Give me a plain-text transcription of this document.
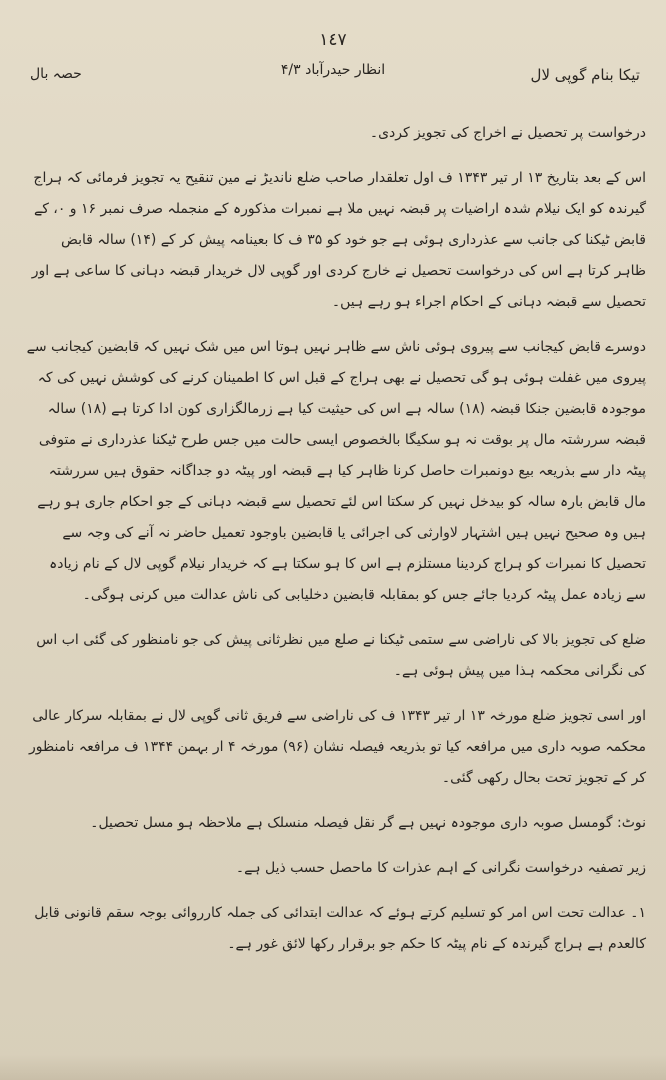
١٤٧
حصہ بال	۴/۳ انظار حیدرآباد	تیکا بنام گوپی لال

درخواست پر تحصیل نے اخراج کی تجویز کردی۔

اس کے بعد بتاریخ ۱۳ ار تیر ۱۳۴۳ ف اول تعلقدار صاحب ضلع ناندیڑ نے مین تنقیح یہ تجویز فرمائی کہ ہراج گیرندہ کو ایک نیلام شدہ اراضیات پر قبضہ نہیں ملا ہے نمبرات مذکورہ کے منجملہ صرف نمبر ۱۶ و ۰، کے قابض ٹیکنا کی جانب سے عذرداری ہوئی ہے جو خود کو ۳۵ ف کا بعینامہ پیش کر کے (۱۴) سالہ قابض ظاہر کرتا ہے اس کی درخواست تحصیل نے خارج کردی اور گوپی لال خریدار قبضہ دہانی کا ساعی ہے اور تحصیل سے قبضہ دہانی کے احکام اجراء ہو رہے ہیں۔

دوسرے قابض کیجانب سے پیروی ہوئی ناش سے ظاہر نہیں ہوتا اس میں شک نہیں کہ قابضین کیجانب سے پیروی میں غفلت ہوئی ہو گی تحصیل نے بھی ہراج کے قبل اس کا اطمینان کرنے کی کوشش نہیں کی کہ موجودہ قابضین جنکا قبضہ (۱۸) سالہ ہے اس کی حیثیت کیا ہے زرمالگزاری کون ادا کرتا ہے (۱۸) سالہ قبضہ سررشتہ مال پر بوقت نہ ہو سکیگا بالخصوص ایسی حالت میں جس طرح ٹیکنا عذرداری نے متوفی پیٹہ دار سے بذریعہ بیع دونمبرات حاصل کرنا ظاہر کیا ہے قبضہ اور پیٹہ دو جداگانہ حقوق ہیں سررشتہ مال قابض بارہ سالہ کو بیدخل نہیں کر سکتا اس لئے تحصیل سے قبضہ دہانی کے جو احکام جاری ہو رہے ہیں وہ صحیح نہیں ہیں اشتہار لاوارثی کی اجرائی یا قابضین باوجود تعمیل حاضر نہ آنے کی وجہ سے تحصیل کا نمبرات کو ہراج کردینا مستلزم ہے اس کا ہو سکتا ہے کہ خریدار نیلام گوپی لال کے نام زیادہ سے زیادہ عمل پیٹہ کردیا جائے جس کو بمقابلہ قابضین دخلیابی کی ناش عدالت میں کرنی ہوگی۔

ضلع کی تجویز بالا کی ناراضی سے ستمی ٹیکنا نے صلع میں نظرثانی پیش کی جو نامنظور کی گئی اب اس کی نگرانی محکمہ ہذا میں پیش ہوئی ہے۔

اور اسی تجویز ضلع مورخہ ۱۳ ار تیر ۱۳۴۳ ف کی ناراضی سے فریق ثانی گوپی لال نے بمقابلہ سرکار عالی محکمہ صوبہ داری میں مرافعہ کیا تو بذریعہ فیصلہ نشان (۹۶) مورخہ ۴ ار بہمن ۱۳۴۴ ف مرافعہ نامنظور کر کے تجویز تحت بحال رکھی گئی۔

نوٹ: گومسل صوبہ داری موجودہ نہیں ہے گر نقل فیصلہ منسلک ہے ملاحظہ ہو مسل تحصیل۔

زیر تصفیہ درخواست نگرانی کے اہم عذرات کا ماحصل حسب ذیل ہے۔

۱۔ عدالت تحت اس امر کو تسلیم کرتے ہوئے کہ عدالت ابتدائی کی جملہ کارروائی بوجہ سقم قانونی قابل کالعدم ہے ہراج گیرندہ کے نام پیٹہ کا حکم جو برقرار رکھا لائق غور ہے۔
